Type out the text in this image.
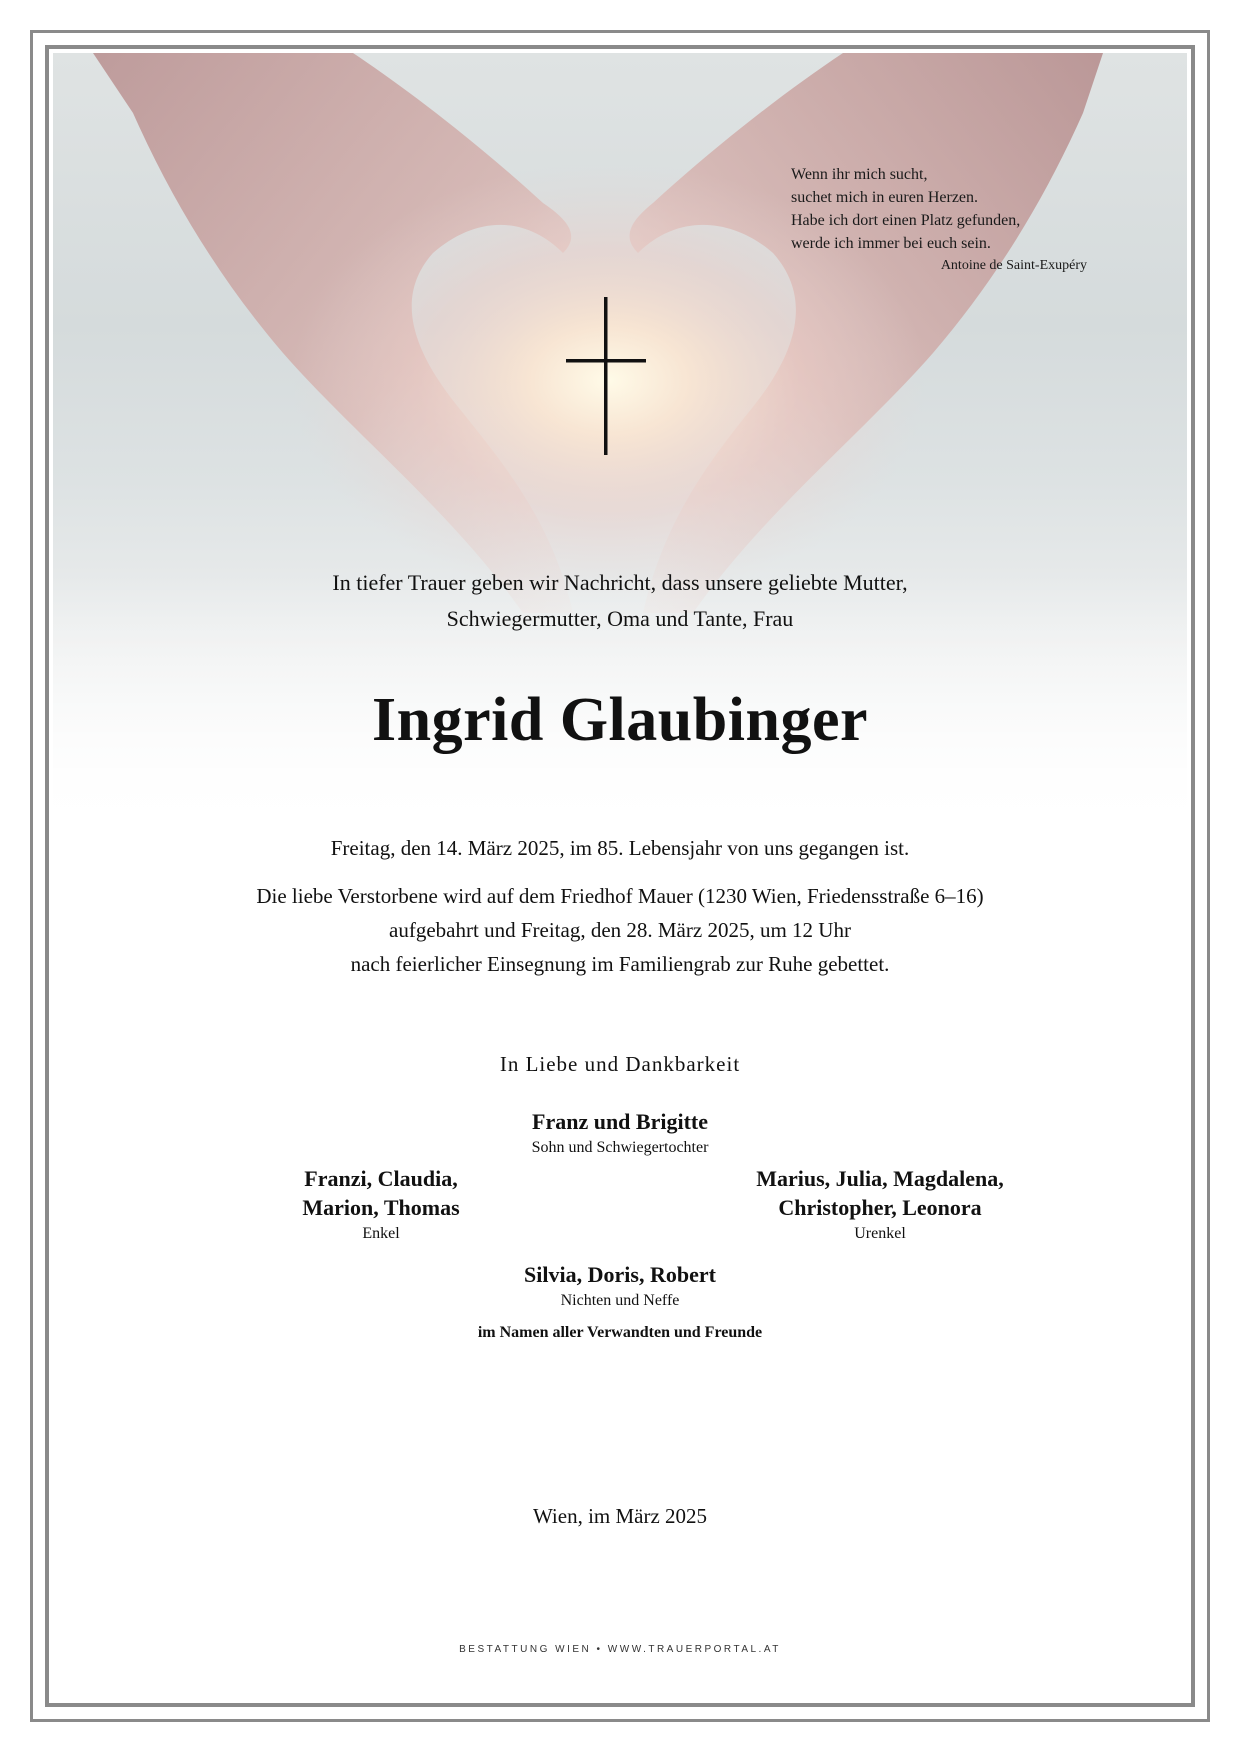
Wenn ihr mich sucht,
suchet mich in euren Herzen.
Habe ich dort einen Platz gefunden,
werde ich immer bei euch sein.
Antoine de Saint-Exupéry
In tiefer Trauer geben wir Nachricht, dass unsere geliebte Mutter,
Schwiegermutter, Oma und Tante, Frau
Ingrid Glaubinger
Freitag, den 14. März 2025, im 85. Lebensjahr von uns gegangen ist.
Die liebe Verstorbene wird auf dem Friedhof Mauer (1230 Wien, Friedensstraße 6–16)
aufgebahrt und Freitag, den 28. März 2025, um 12 Uhr
nach feierlicher Einsegnung im Familiengrab zur Ruhe gebettet.
In Liebe und Dankbarkeit
Franz und Brigitte
Sohn und Schwiegertochter
Franzi, Claudia,
Marion, Thomas
Enkel
Marius, Julia, Magdalena,
Christopher, Leonora
Urenkel
Silvia, Doris, Robert
Nichten und Neffe
im Namen aller Verwandten und Freunde
Wien, im März 2025
BESTATTUNG WIEN • WWW.TRAUERPORTAL.AT
